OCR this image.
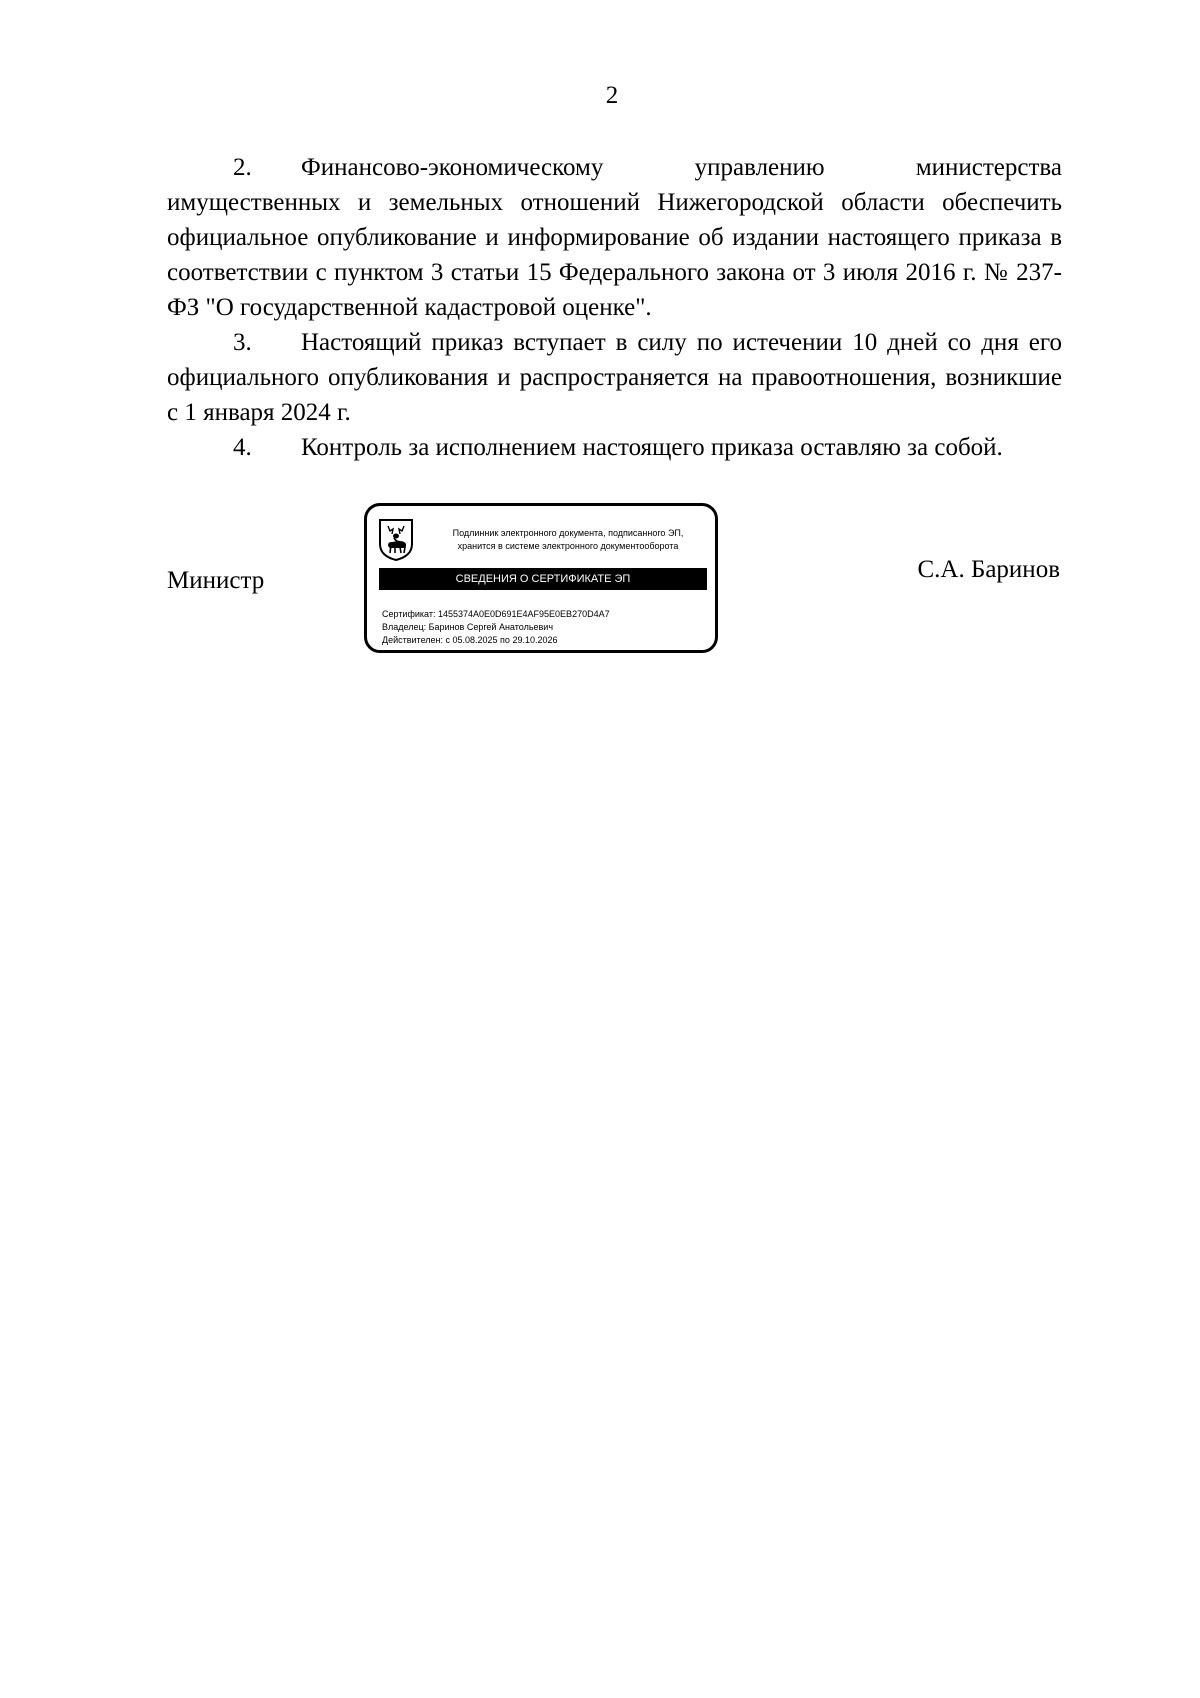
2

2. Финансово-экономическому управлению министерства имущественных и земельных отношений Нижегородской области обеспечить официальное опубликование и информирование об издании настоящего приказа в соответствии с пунктом 3 статьи 15 Федерального закона от 3 июля 2016 г. № 237-ФЗ "О государственной кадастровой оценке".

3. Настоящий приказ вступает в силу по истечении 10 дней со дня его официального опубликования и распространяется на правоотношения, возникшие с 1 января 2024 г.

4. Контроль за исполнением настоящего приказа оставляю за собой.

Министр
Подлинник электронного документа, подписанного ЭП,
хранится в системе электронного документооборота
СВЕДЕНИЯ О СЕРТИФИКАТЕ ЭП
Сертификат: 1455374A0E0D691E4AF95E0EB270D4A7
Владелец: Баринов Сергей Анатольевич
Действителен: с 05.08.2025 по 29.10.2026
С.А. Баринов
